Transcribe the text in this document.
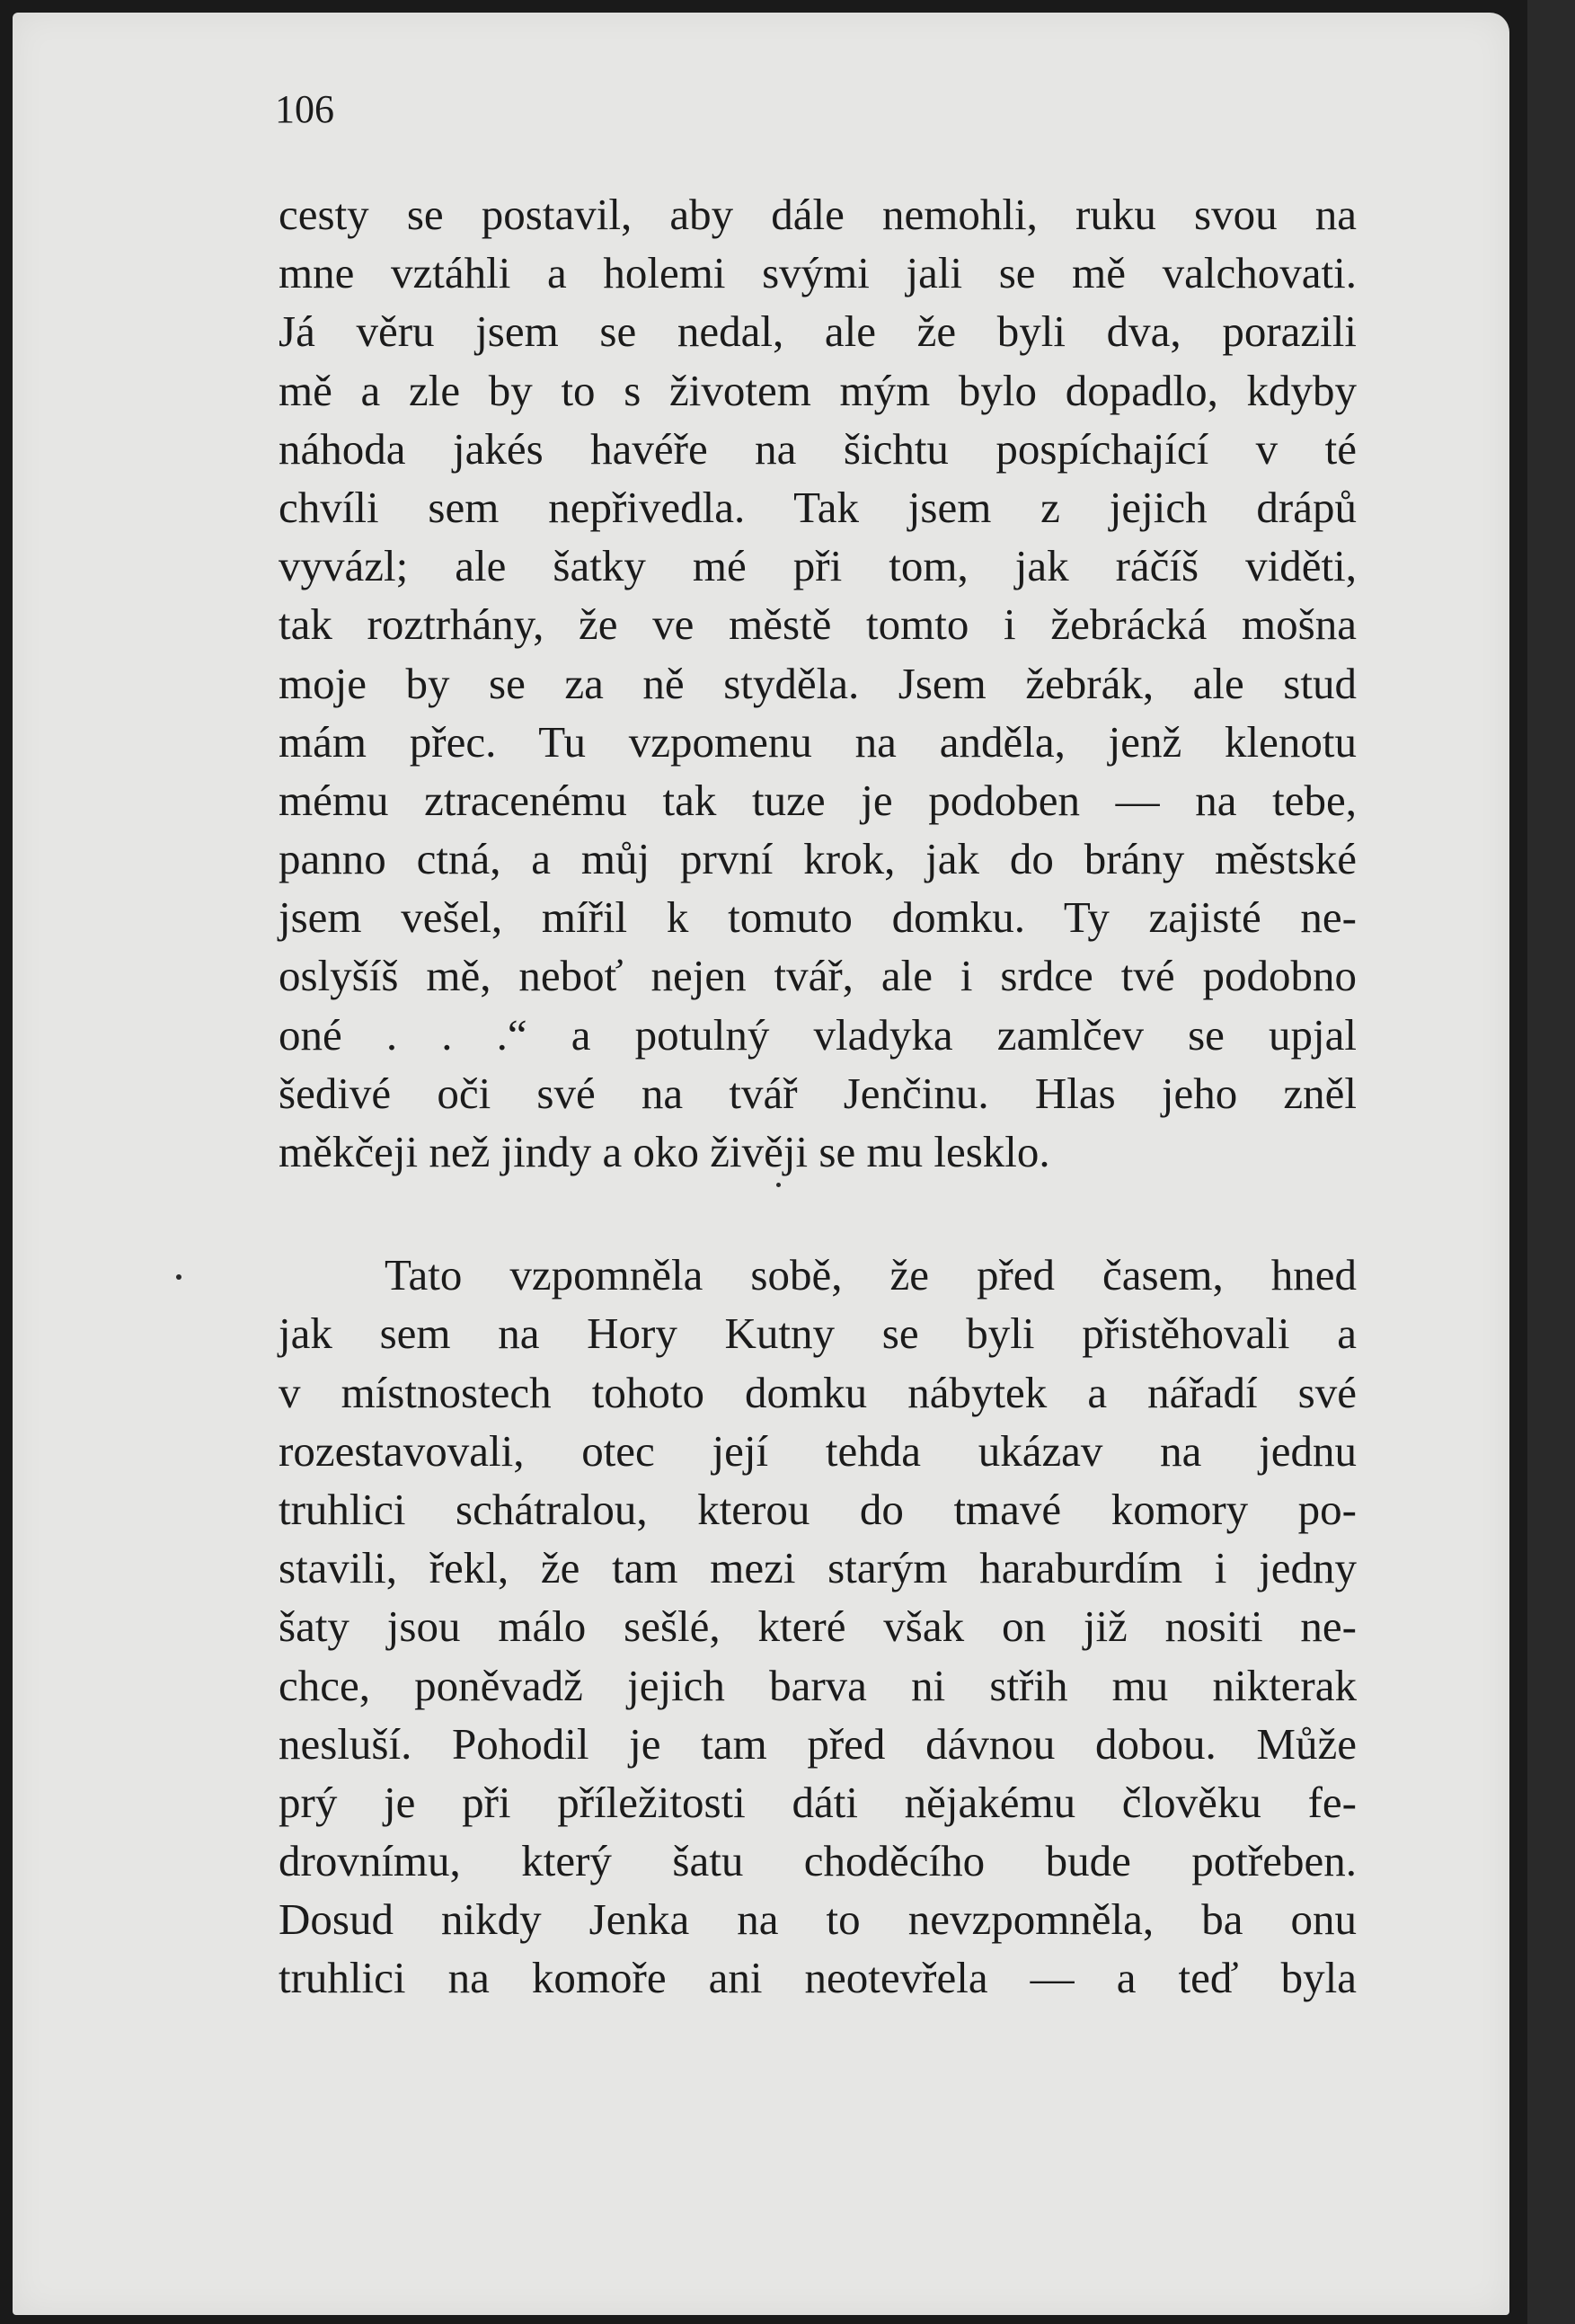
106

cesty se postavil, aby dále nemohli, ruku svou na
mne vztáhli a holemi svými jali se mě valchovati.
Já věru jsem se nedal, ale že byli dva, porazili
mě a zle by to s životem mým bylo dopadlo, kdyby
náhoda jakés havéře na šichtu pospíchající v té
chvíli sem nepřivedla. Tak jsem z jejich drápů
vyvázl; ale šatky mé při tom, jak ráčíš viděti,
tak roztrhány, že ve městě tomto i žebrácká mošna
moje by se za ně styděla. Jsem žebrák, ale stud
mám přec. Tu vzpomenu na anděla, jenž klenotu
mému ztracenému tak tuze je podoben — na tebe,
panno ctná, a můj první krok, jak do brány městské
jsem vešel, mířil k tomuto domku. Ty zajisté ne-
oslyšíš mě, neboť nejen tvář, ale i srdce tvé podobno
oné . . .“ a potulný vladyka zamlčev se upjal
šedivé oči své na tvář Jenčinu. Hlas jeho zněl
měkčeji než jindy a oko živěji se mu lesklo.
Tato vzpomněla sobě, že před časem, hned
jak sem na Hory Kutny se byli přistěhovali a
v místnostech tohoto domku nábytek a nářadí své
rozestavovali, otec její tehda ukázav na jednu
truhlici schátralou, kterou do tmavé komory po-
stavili, řekl, že tam mezi starým haraburdím i jedny
šaty jsou málo sešlé, které však on již nositi ne-
chce, poněvadž jejich barva ni střih mu nikterak
nesluší. Pohodil je tam před dávnou dobou. Může
prý je při příležitosti dáti nějakému člověku fe-
drovnímu, který šatu choděcího bude potřeben.
Dosud nikdy Jenka na to nevzpomněla, ba onu
truhlici na komoře ani neotevřela — a teď byla
